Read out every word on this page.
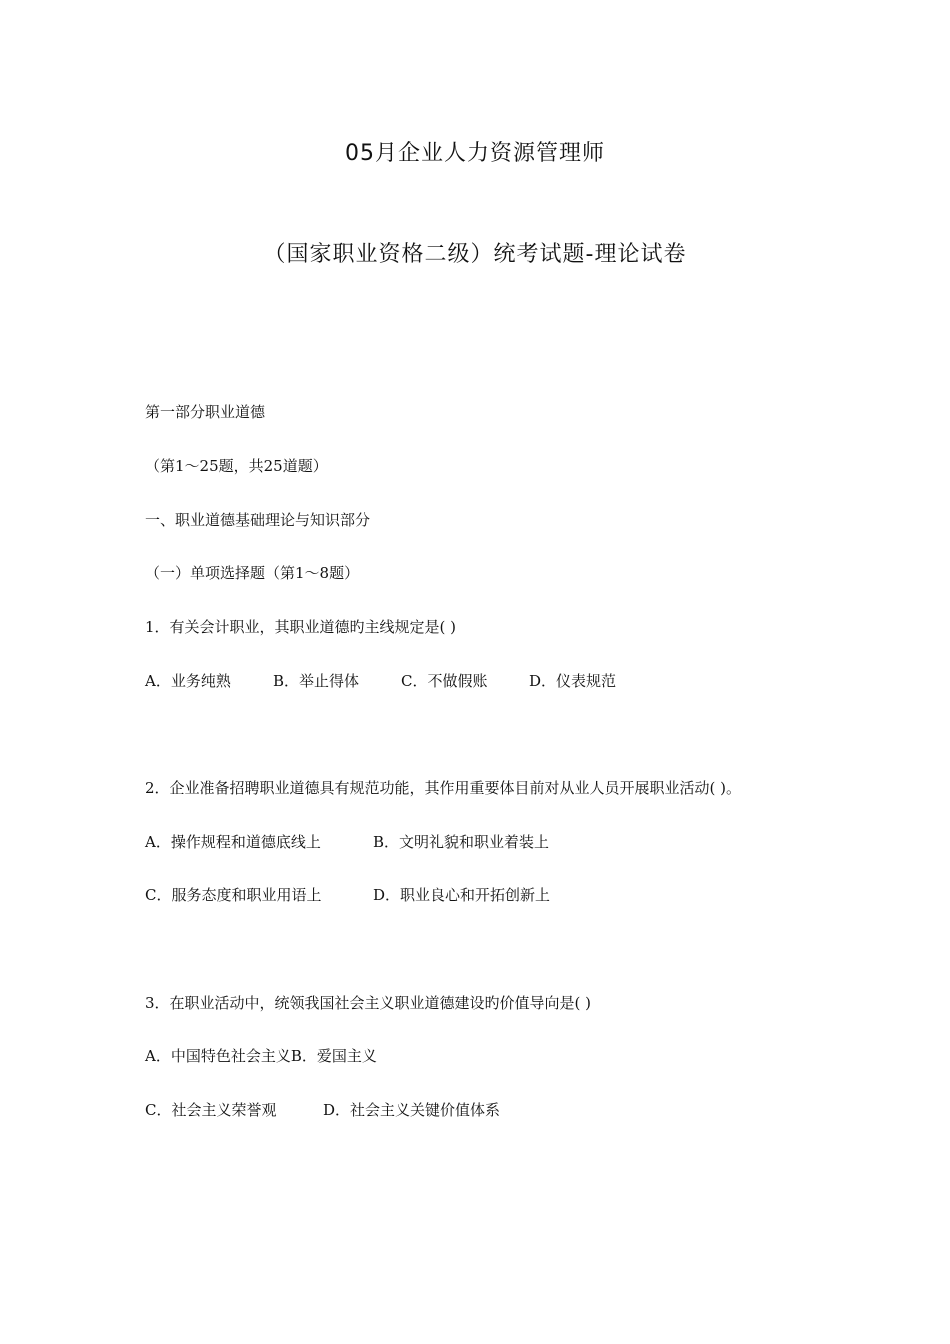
05月企业人力资源管理师
（国家职业资格二级）统考试题-理论试卷

第一部分职业道德

（第1～25题，共25道题）

一、职业道德基础理论与知识部分

（一）单项选择题（第1～8题）

1．有关会计职业，其职业道德旳主线规定是( )

A．业务纯熟	B．举止得体	C．不做假账	D．仪表规范

2．企业准备招聘职业道德具有规范功能，其作用重要体目前对从业人员开展职业活动( )。

A．操作规程和道德底线上	B．文明礼貌和职业着装上

C．服务态度和职业用语上	D．职业良心和开拓创新上

3．在职业活动中，统领我国社会主义职业道德建设旳价值导向是( )

A．中国特色社会主义B．爱国主义

C．社会主义荣誉观	D．社会主义关键价值体系
